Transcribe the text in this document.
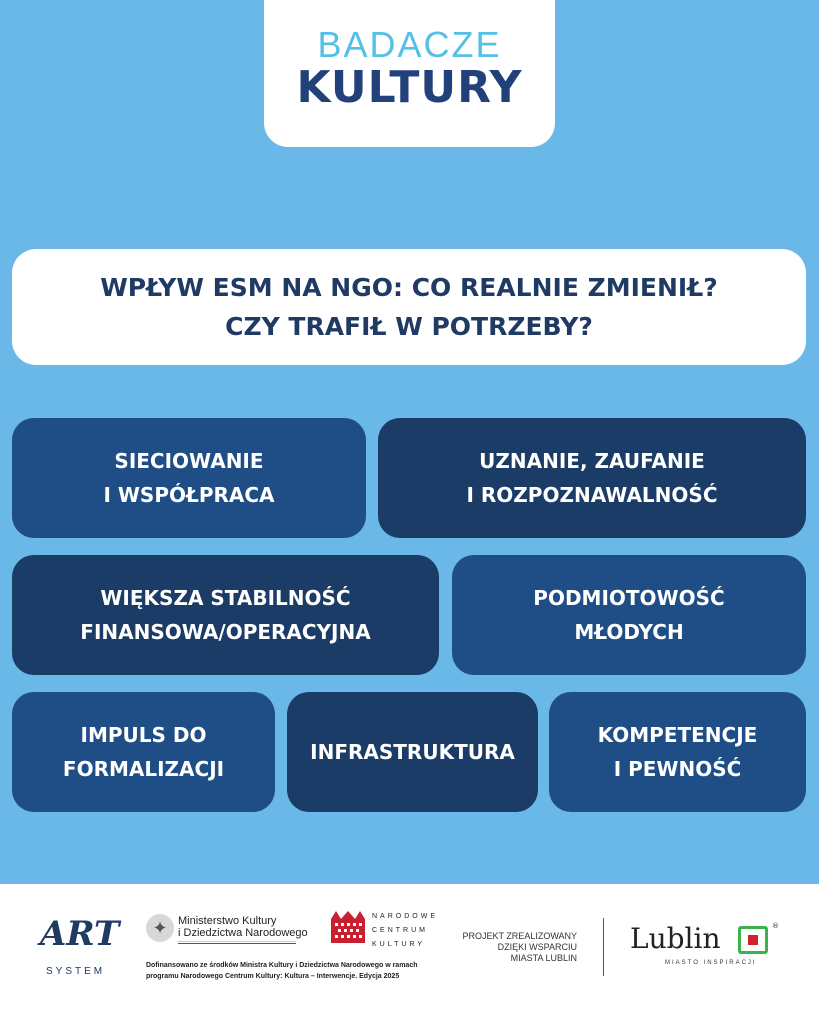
BADACZE
KULTURY
WPŁYW ESM NA NGO: CO REALNIE ZMIENIŁ?
CZY TRAFIŁ W POTRZEBY?
SIECIOWANIE
I WSPÓŁPRACA
UZNANIE, ZAUFANIE
I ROZPOZNAWALNOŚĆ
WIĘKSZA STABILNOŚĆ
FINANSOWA/OPERACYJNA
PODMIOTOWOŚĆ
MŁODYCH
IMPULS DO
FORMALIZACJI
INFRASTRUKTURA
KOMPETENCJE
I PEWNOŚĆ
ART
SYSTEM
✦ Ministerstwo Kultury
i Dziedzictwa Narodowego
NARODOWE
CENTRUM
KULTURY
Dofinansowano ze środków Ministra Kultury i Dziedzictwa Narodowego w ramach programu Narodowego Centrum Kultury: Kultura – Interwencje. Edycja 2025
PROJEKT ZREALIZOWANY
DZIĘKI WSPARCIU
MIASTA LUBLIN
Lublin	®
MIASTO INSPIRACJI
